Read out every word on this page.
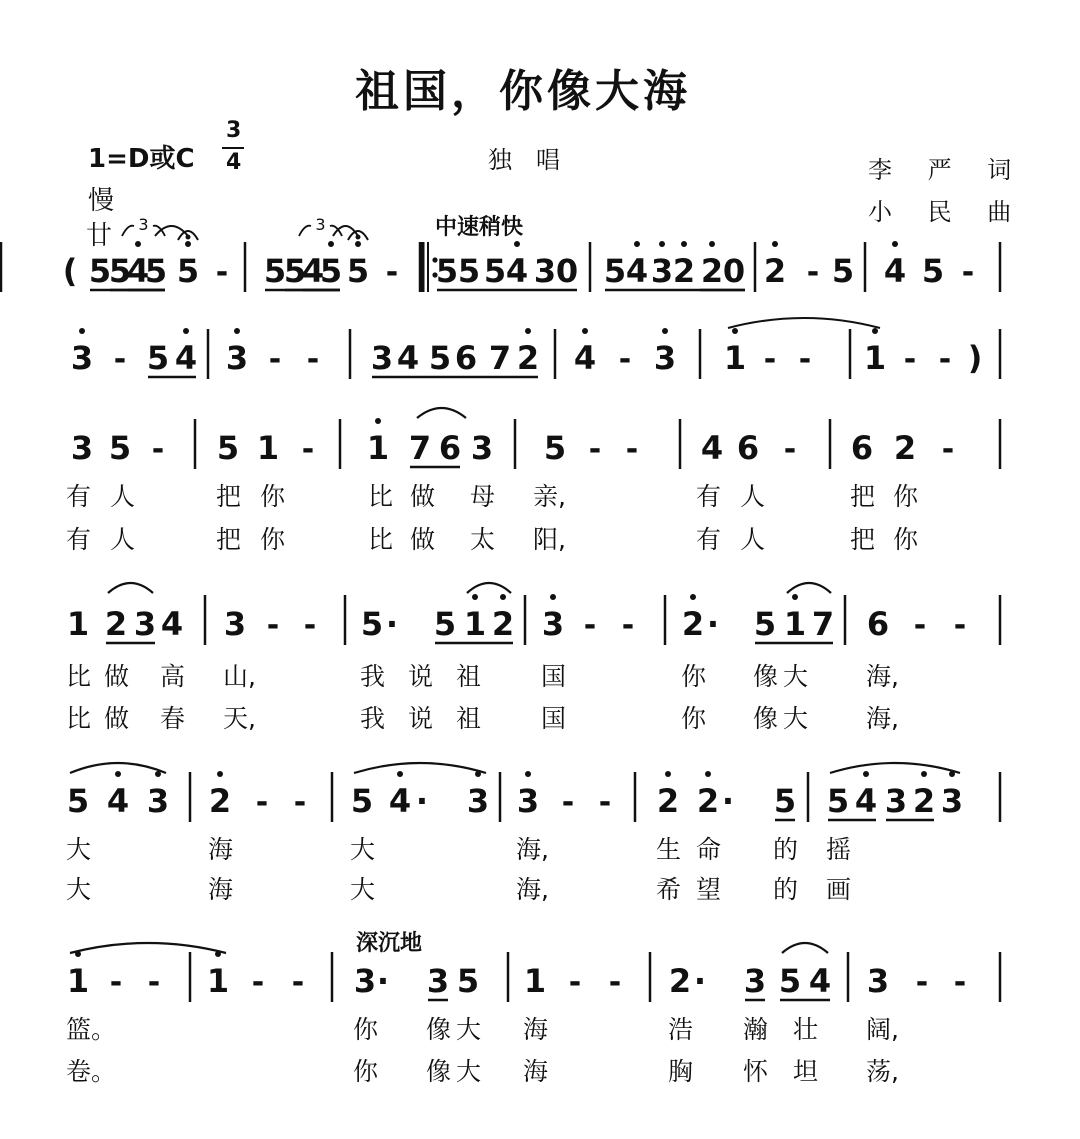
祖国，你像大海
1=D或C
3
4	独　唱	李 严 词
小 民 曲
慢
廿	中速稍快
深沉地
( 5
5
4
5 5 - 5
5
4
5 5 - 5 5 5 4 3 0 5 4 3 2 2 0 2 - 5 4 5 -
3	3
3 - 5 4 3 - - 3 4 5 6 7 2 4 - 3 1 - - 1 - - )
3 5 - 5 1 - 1 7 6 3 5 - - 4 6 - 6 2 -
1 2 3 4 3 - - 5 · 5 1 2 3 - - 2 · 5 1 7 6 - -
5 4 3 2 - - 5 4 · 3 3 - - 2 2 · 5 5 4 3 2 3
1 - - 1 - - 3 · 3 5 1 - - 2 · 3 5 4 3 - -
有 人	把 你	比 做 母 亲,	有 人	把 你
有 人	把 你	比 做 太 阳,	有 人	把 你
比 做 高 山,	我 说 祖 国	你 像 大 海,
比 做 春 天,	我 说 祖 国	你 像 大 海,
大	海	大	海,	生 命 的 摇
大	海	大	海,	希 望 的 画
篮。	你 像 大 海	浩 瀚 壮 阔,
卷。	你 像 大 海	胸 怀 坦 荡,
